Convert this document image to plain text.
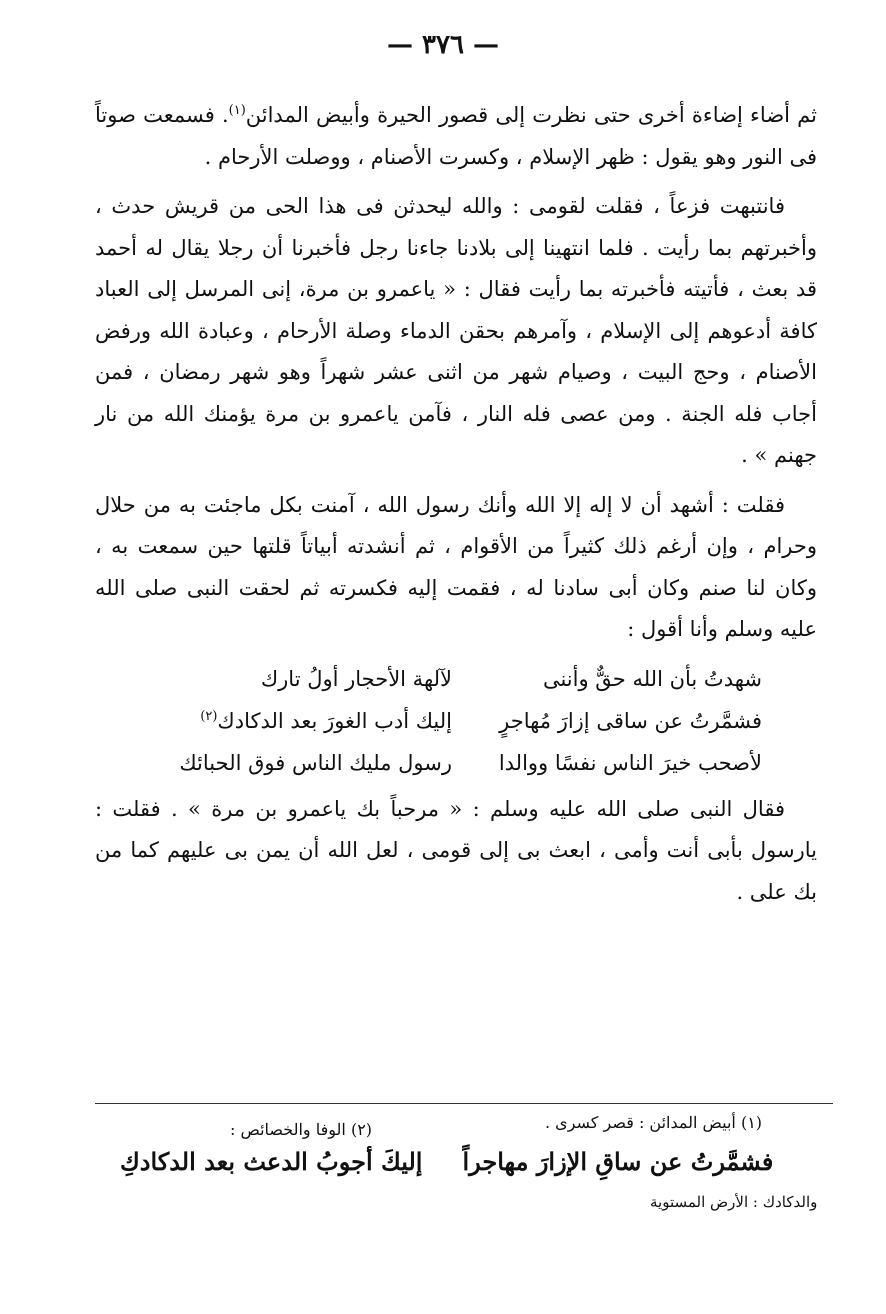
— ٣٧٦ —

ثم أضاء إضاءة أخرى حتى نظرت إلى قصور الحيرة وأبيض المدائن$^{(١)}$. فسمعت صوتاً فى النور وهو يقول : ظهر الإسلام ، وكسرت الأصنام ، ووصلت الأرحام .

فانتبهت فزعاً ، فقلت لقومى : والله ليحدثن فى هذا الحى من قريش حدث ، وأخبرتهم بما رأيت . فلما انتهينا إلى بلادنا جاءنا رجل فأخبرنا أن رجلا يقال له أحمد قد بعث ، فأتيته فأخبرته بما رأيت فقال : « ياعمرو بن مرة، إنى المرسل إلى العباد كافة أدعوهم إلى الإسلام ، وآمرهم بحقن الدماء وصلة الأرحام ، وعبادة الله ورفض الأصنام ، وحج البيت ، وصيام شهر من اثنى عشر شهراً وهو شهر رمضان ، فمن أجاب فله الجنة . ومن عصى فله النار ، فآمن ياعمرو بن مرة يؤمنك الله من نار جهنم » .

فقلت : أشهد أن لا إله إلا الله وأنك رسول الله ، آمنت بكل ماجئت به من حلال وحرام ، وإن أرغم ذلك كثيراً من الأقوام ، ثم أنشدته أبياتاً قلتها حين سمعت به ، وكان لنا صنم وكان أبى سادنا له ، فقمت إليه فكسرته ثم لحقت النبى صلى الله عليه وسلم وأنا أقول :

شهدتُ بأن الله حقٌّ وأننى
لآلهة الأحجار أولُ تارك
فشمَّرتُ عن ساقى إزارَ مُهاجرٍ
إليك أدب الغورَ بعد الدكادك$^{(٢)}$
لأصحب خيرَ الناس نفسًا ووالدا
رسول مليك الناس فوق الحبائك

فقال النبى صلى الله عليه وسلم : « مرحباً بك ياعمرو بن مرة » . فقلت : يارسول بأبى أنت وأمى ، ابعث بى إلى قومى ، لعل الله أن يمن بى عليهم كما من بك على .

(١) أبيض المدائن : قصر كسرى .
(٢) الوفا والخصائص :
فشمَّرتُ عن ساقِ الإزارَ مهاجراً
إليكَ أجوبُ الدعث بعد الدكادكِ
والدكادك : الأرض المستوية
